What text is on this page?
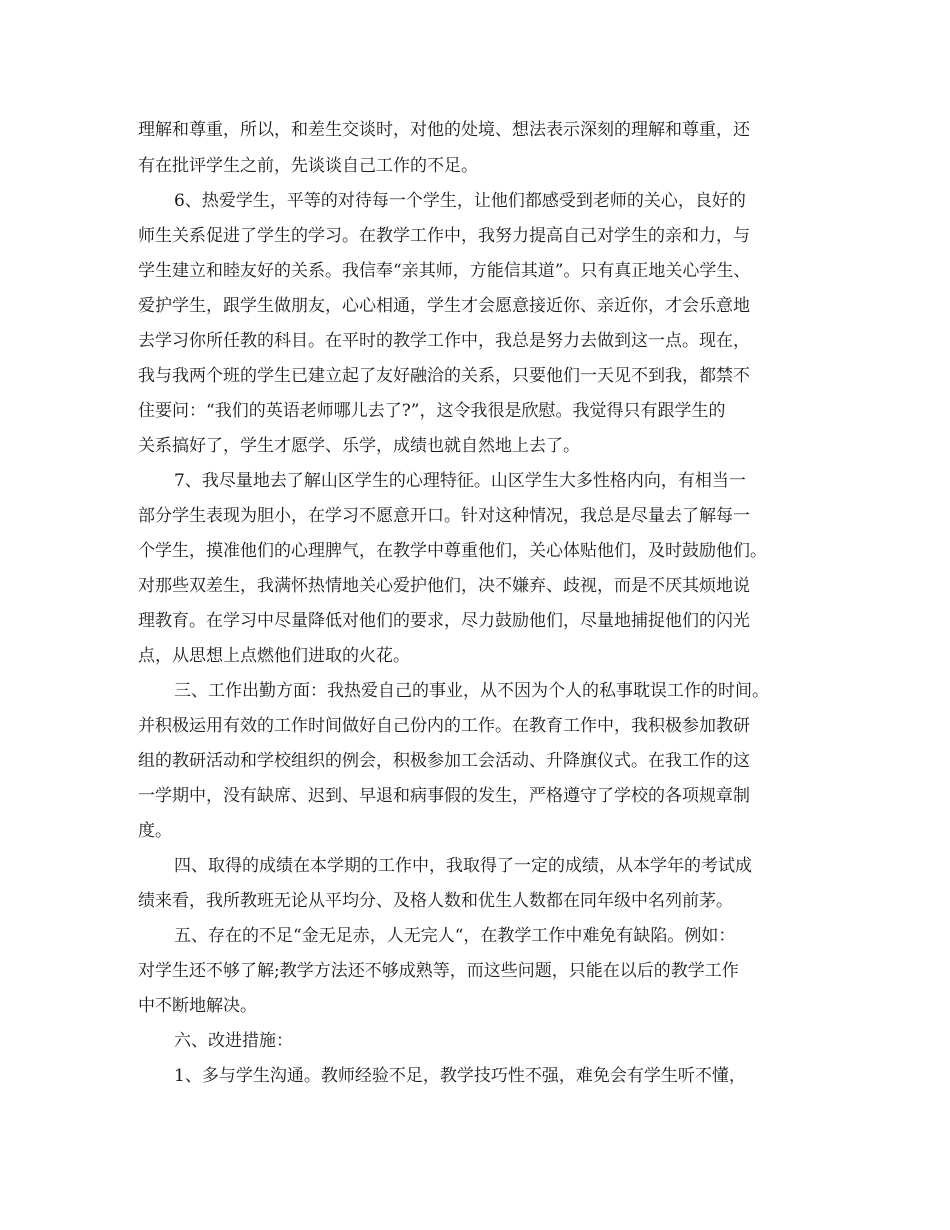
理解和尊重，所以，和差生交谈时，对他的处境、想法表示深刻的理解和尊重，还
有在批评学生之前，先谈谈自己工作的不足。
6、热爱学生，平等的对待每一个学生，让他们都感受到老师的关心，良好的
师生关系促进了学生的学习。在教学工作中，我努力提高自己对学生的亲和力，与
学生建立和睦友好的关系。我信奉“亲其师，方能信其道”。只有真正地关心学生、
爱护学生，跟学生做朋友，心心相通，学生才会愿意接近你、亲近你，才会乐意地
去学习你所任教的科目。在平时的教学工作中，我总是努力去做到这一点。现在，
我与我两个班的学生已建立起了友好融洽的关系，只要他们一天见不到我，都禁不
住要问：“我们的英语老师哪儿去了?”，这令我很是欣慰。我觉得只有跟学生的
关系搞好了，学生才愿学、乐学，成绩也就自然地上去了。
7、我尽量地去了解山区学生的心理特征。山区学生大多性格内向，有相当一
部分学生表现为胆小，在学习不愿意开口。针对这种情况，我总是尽量去了解每一
个学生，摸准他们的心理脾气，在教学中尊重他们，关心体贴他们，及时鼓励他们。
对那些双差生，我满怀热情地关心爱护他们，决不嫌弃、歧视，而是不厌其烦地说
理教育。在学习中尽量降低对他们的要求，尽力鼓励他们，尽量地捕捉他们的闪光
点，从思想上点燃他们进取的火花。
三、工作出勤方面：我热爱自己的事业，从不因为个人的私事耽误工作的时间。
并积极运用有效的工作时间做好自己份内的工作。在教育工作中，我积极参加教研
组的教研活动和学校组织的例会，积极参加工会活动、升降旗仪式。在我工作的这
一学期中，没有缺席、迟到、早退和病事假的发生，严格遵守了学校的各项规章制
度。
四、取得的成绩在本学期的工作中，我取得了一定的成绩，从本学年的考试成
绩来看，我所教班无论从平均分、及格人数和优生人数都在同年级中名列前茅。
五、存在的不足“金无足赤，人无完人“，在教学工作中难免有缺陷。例如：
对学生还不够了解;教学方法还不够成熟等，而这些问题，只能在以后的教学工作
中不断地解决。
六、改进措施：
1、多与学生沟通。教师经验不足，教学技巧性不强，难免会有学生听不懂，
